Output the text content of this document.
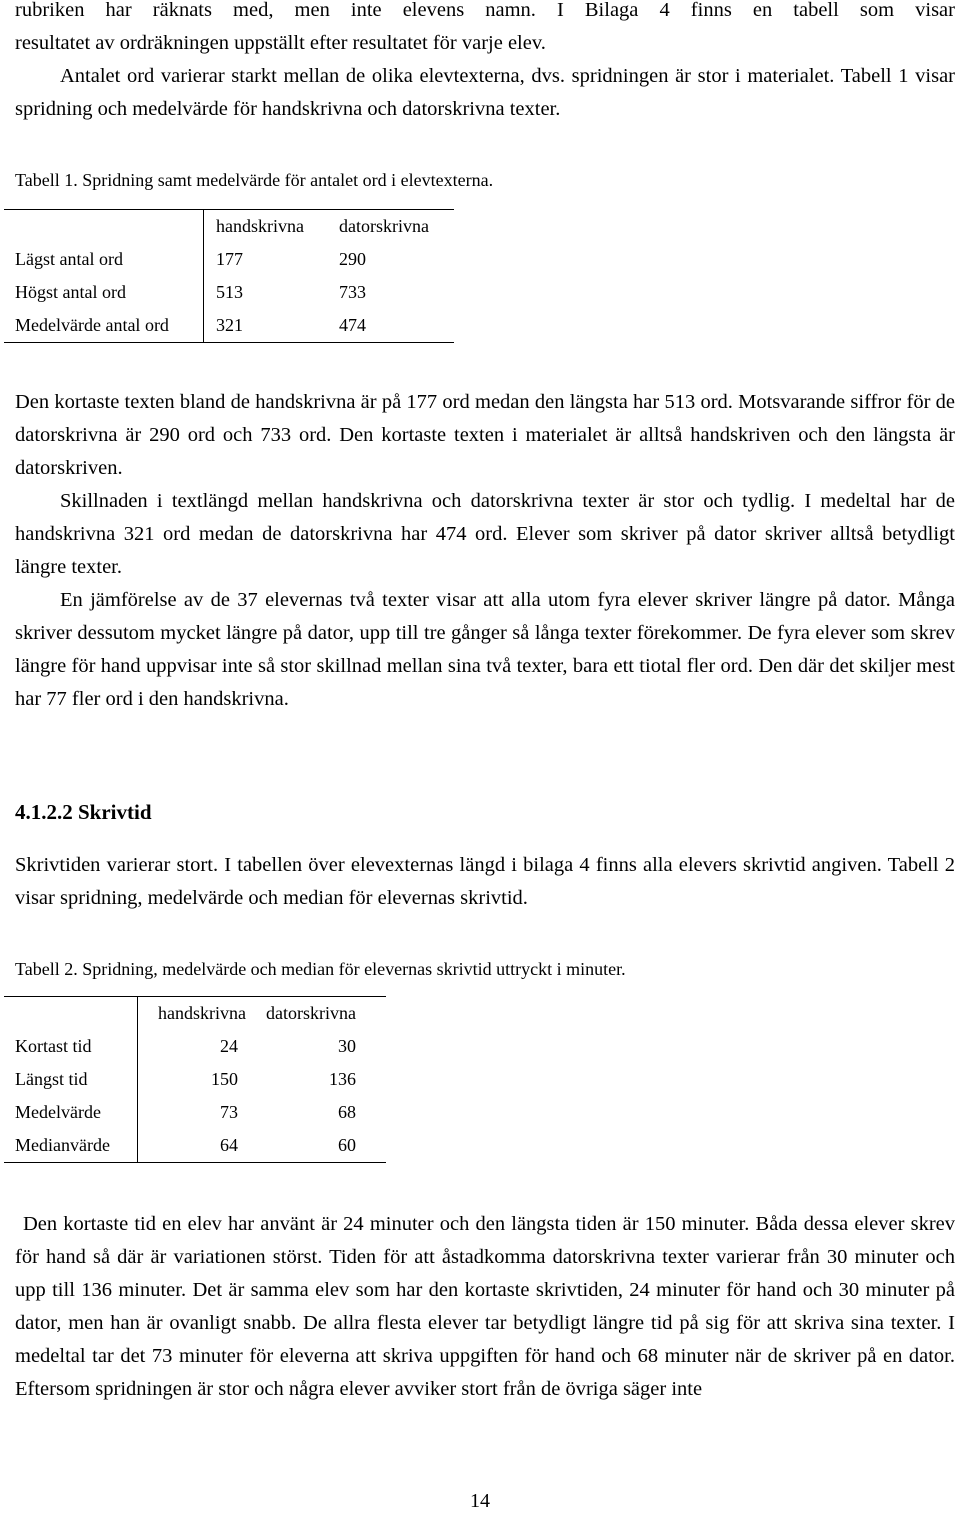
rubriken har räknats med, men inte elevens namn. I Bilaga 4 finns en tabell som visar
resultatet av ordräkningen uppställt efter resultatet för varje elev.
Antalet ord varierar starkt mellan de olika elevtexterna, dvs. spridningen är stor i materialet. Tabell 1 visar spridning och medelvärde för handskrivna och datorskrivna texter.
Tabell 1. Spridning samt medelvärde för antalet ord i elevtexterna.
	handskrivna	datorskrivna
Lägst antal ord	177	290
Högst antal ord	513	733
Medelvärde antal ord	321	474
Den kortaste texten bland de handskrivna är på 177 ord medan den längsta har 513 ord. Motsvarande siffror för de datorskrivna är 290 ord och 733 ord. Den kortaste texten i materialet är alltså handskriven och den längsta är datorskriven.
Skillnaden i textlängd mellan handskrivna och datorskrivna texter är stor och tydlig. I medeltal har de handskrivna 321 ord medan de datorskrivna har 474 ord. Elever som skriver på dator skriver alltså betydligt längre texter.
En jämförelse av de 37 elevernas två texter visar att alla utom fyra elever skriver längre på dator. Många skriver dessutom mycket längre på dator, upp till tre gånger så långa texter förekommer. De fyra elever som skrev längre för hand uppvisar inte så stor skillnad mellan sina två texter, bara ett tiotal fler ord. Den där det skiljer mest har 77 fler ord i den handskrivna.
4.1.2.2 Skrivtid
Skrivtiden varierar stort. I tabellen över elevexternas längd i bilaga 4 finns alla elevers skrivtid angiven. Tabell 2 visar spridning, medelvärde och median för elevernas skrivtid.
Tabell 2. Spridning, medelvärde och median för elevernas skrivtid uttryckt i minuter.
	handskrivna	datorskrivna
Kortast tid	24	30
Längst tid	150	136
Medelvärde	73	68
Medianvärde	64	60
Den kortaste tid en elev har använt är 24 minuter och den längsta tiden är 150 minuter. Båda dessa elever skrev för hand så där är variationen störst. Tiden för att åstadkomma datorskrivna texter varierar från 30 minuter och upp till 136 minuter. Det är samma elev som har den kortaste skrivtiden, 24 minuter för hand och 30 minuter på dator, men han är ovanligt snabb. De allra flesta elever tar betydligt längre tid på sig för att skriva sina texter. I medeltal tar det 73 minuter för eleverna att skriva uppgiften för hand och 68 minuter när de skriver på en dator. Eftersom spridningen är stor och några elever avviker stort från de övriga säger inte
14
